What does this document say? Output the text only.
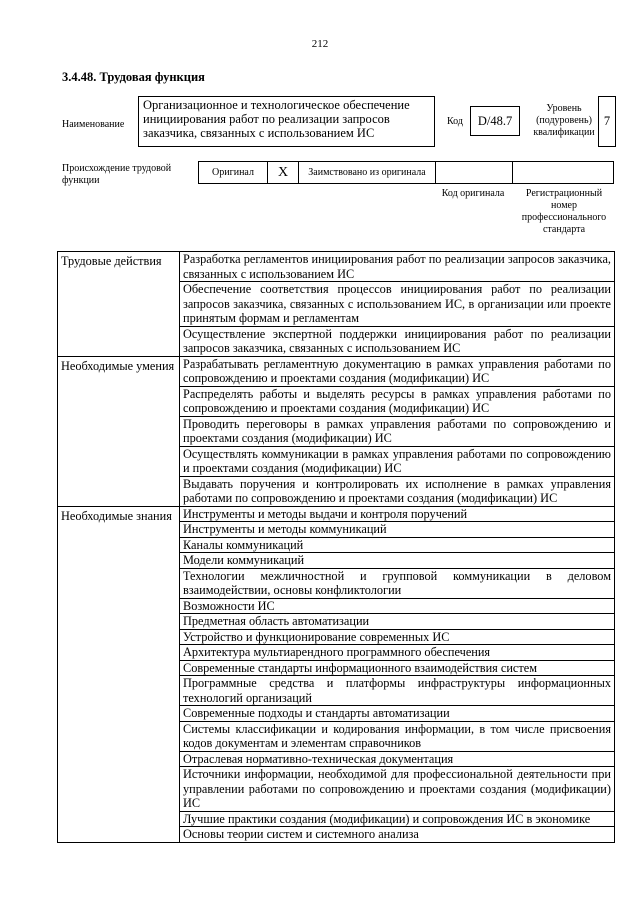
212
3.4.48. Трудовая функция
Наименование
Организационное и технологическое обеспечение инициирования работ по реализации запросов заказчика, связанных с использованием ИС
Код	D/48.7
Уровень (подуровень) квалификации
7
Происхождение трудовой функции
Оригинал	X	Заимствовано из оригинала		
Код оригинала	Регистрационный номер профессионального стандарта
Трудовые действия	Разработка регламентов инициирования работ по реализации запросов заказчика, связанных с использованием ИС
	Обеспечение соответствия процессов инициирования работ по реализации запросов заказчика, связанных с использованием ИС, в организации или проекте принятым формам и регламентам
	Осуществление экспертной поддержки инициирования работ по реализации запросов заказчика, связанных с использованием ИС
Необходимые умения	Разрабатывать регламентную документацию в рамках управления работами по сопровождению и проектами создания (модификации) ИС
	Распределять работы и выделять ресурсы в рамках управления работами по сопровождению и проектами создания (модификации) ИС
	Проводить переговоры в рамках управления работами по сопровождению и проектами создания (модификации) ИС
	Осуществлять коммуникации в рамках управления работами по сопровождению и проектами создания (модификации) ИС
	Выдавать поручения и контролировать их исполнение в рамках управления работами по сопровождению и проектами создания (модификации) ИС
Необходимые знания	Инструменты и методы выдачи и контроля поручений
	Инструменты и методы коммуникаций
	Каналы коммуникаций
	Модели коммуникаций
	Технологии межличностной и групповой коммуникации в деловом взаимодействии, основы конфликтологии
	Возможности ИС
	Предметная область автоматизации
	Устройство и функционирование современных ИС
	Архитектура мультиарендного программного обеспечения
	Современные стандарты информационного взаимодействия систем
	Программные средства и платформы инфраструктуры информационных технологий организаций
	Современные подходы и стандарты автоматизации
	Системы классификации и кодирования информации, в том числе присвоения кодов документам и элементам справочников
	Отраслевая нормативно-техническая документация
	Источники информации, необходимой для профессиональной деятельности при управлении работами по сопровождению и проектами создания (модификации) ИС
	Лучшие практики создания (модификации) и сопровождения ИС в экономике
	Основы теории систем и системного анализа
